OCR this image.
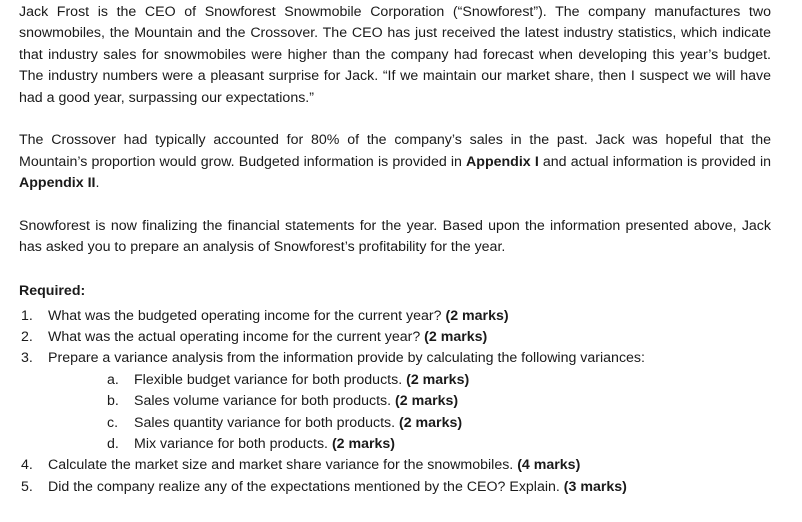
Jack Frost is the CEO of Snowforest Snowmobile Corporation (“Snowforest”). The company manufactures two snowmobiles, the Mountain and the Crossover. The CEO has just received the latest industry statistics, which indicate that industry sales for snowmobiles were higher than the company had forecast when developing this year’s budget. The industry numbers were a pleasant surprise for Jack. “If we maintain our market share, then I suspect we will have had a good year, surpassing our expectations.”

The Crossover had typically accounted for 80% of the company’s sales in the past. Jack was hopeful that the Mountain’s proportion would grow. Budgeted information is provided in Appendix I and actual information is provided in Appendix II.

Snowforest is now finalizing the financial statements for the year. Based upon the information presented above, Jack has asked you to prepare an analysis of Snowforest’s profitability for the year.

Required:

1. What was the budgeted operating income for the current year? (2 marks)
2. What was the actual operating income for the current year? (2 marks)
3. Prepare a variance analysis from the information provide by calculating the following variances:
a. Flexible budget variance for both products. (2 marks)
b. Sales volume variance for both products. (2 marks)
c. Sales quantity variance for both products. (2 marks)
d. Mix variance for both products. (2 marks)
4. Calculate the market size and market share variance for the snowmobiles. (4 marks)
5. Did the company realize any of the expectations mentioned by the CEO? Explain. (3 marks)
